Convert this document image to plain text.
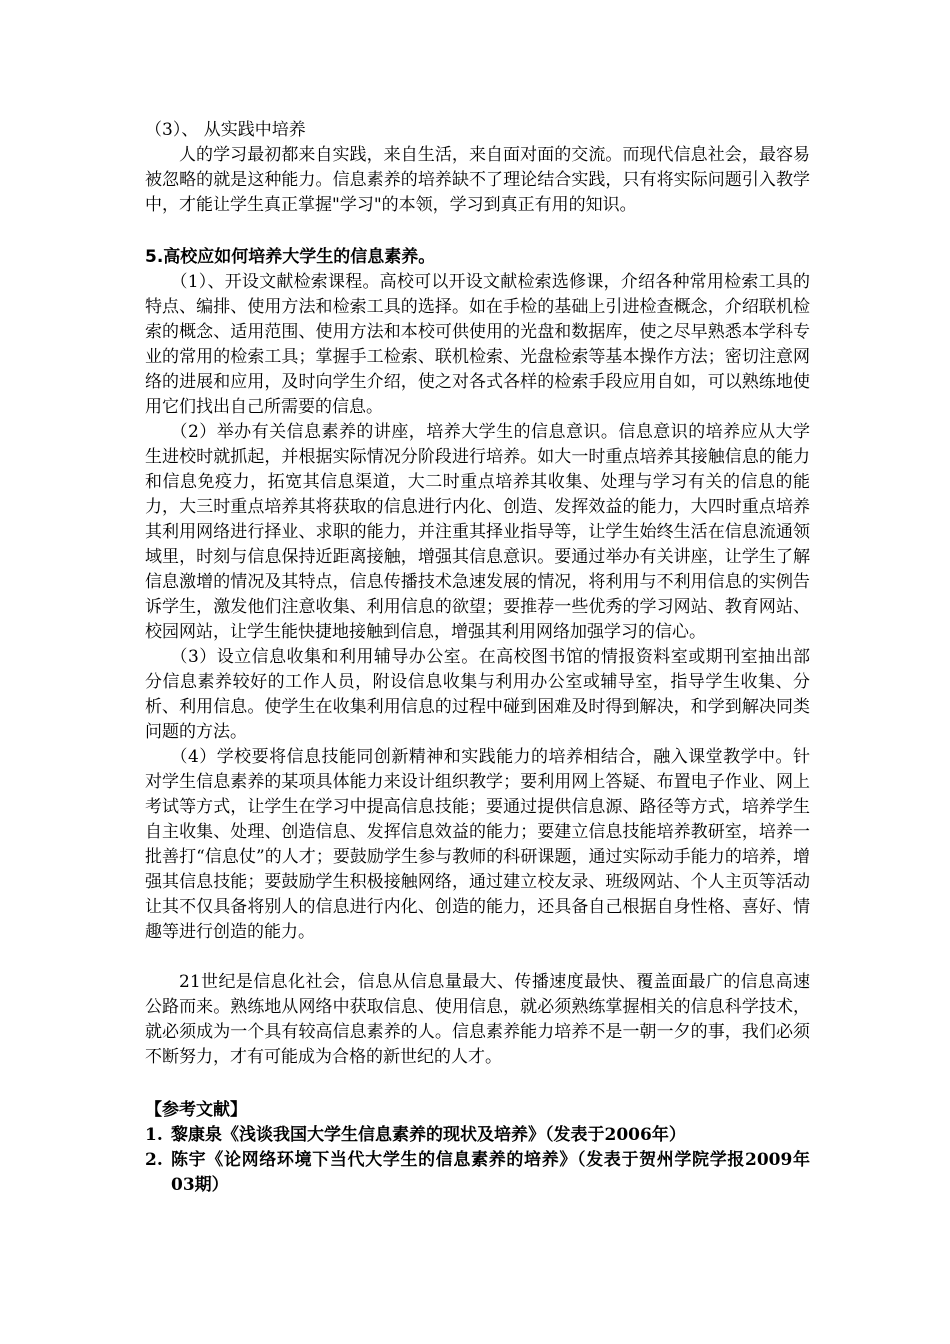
（3）、 从实践中培养

人的学习最初都来自实践，来自生活，来自面对面的交流。而现代信息社会，最容易被忽略的就是这种能力。信息素养的培养缺不了理论结合实践，只有将实际问题引入教学中，才能让学生真正掌握"学习"的本领，学习到真正有用的知识。

5.高校应如何培养大学生的信息素养。

（1）、开设文献检索课程。高校可以开设文献检索选修课，介绍各种常用检索工具的特点、编排、使用方法和检索工具的选择。如在手检的基础上引进检查概念，介绍联机检索的概念、适用范围、使用方法和本校可供使用的光盘和数据库，使之尽早熟悉本学科专业的常用的检索工具；掌握手工检索、联机检索、光盘检索等基本操作方法；密切注意网络的进展和应用，及时向学生介绍，使之对各式各样的检索手段应用自如，可以熟练地使用它们找出自己所需要的信息。

（2）举办有关信息素养的讲座，培养大学生的信息意识。信息意识的培养应从大学生进校时就抓起，并根据实际情况分阶段进行培养。如大一时重点培养其接触信息的能力和信息免疫力，拓宽其信息渠道，大二时重点培养其收集、处理与学习有关的信息的能力，大三时重点培养其将获取的信息进行内化、创造、发挥效益的能力，大四时重点培养其利用网络进行择业、求职的能力，并注重其择业指导等，让学生始终生活在信息流通领域里，时刻与信息保持近距离接触，增强其信息意识。要通过举办有关讲座，让学生了解信息激增的情况及其特点，信息传播技术急速发展的情况，将利用与不利用信息的实例告诉学生，激发他们注意收集、利用信息的欲望；要推荐一些优秀的学习网站、教育网站、校园网站，让学生能快捷地接触到信息，增强其利用网络加强学习的信心。

（3）设立信息收集和利用辅导办公室。在高校图书馆的情报资料室或期刊室抽出部分信息素养较好的工作人员，附设信息收集与利用办公室或辅导室，指导学生收集、分析、利用信息。使学生在收集利用信息的过程中碰到困难及时得到解决，和学到解决同类问题的方法。

（4）学校要将信息技能同创新精神和实践能力的培养相结合，融入课堂教学中。针对学生信息素养的某项具体能力来设计组织教学；要利用网上答疑、布置电子作业、网上考试等方式，让学生在学习中提高信息技能；要通过提供信息源、路径等方式，培养学生自主收集、处理、创造信息、发挥信息效益的能力；要建立信息技能培养教研室，培养一批善打“信息仗”的人才；要鼓励学生参与教师的科研课题，通过实际动手能力的培养，增强其信息技能；要鼓励学生积极接触网络，通过建立校友录、班级网站、个人主页等活动让其不仅具备将别人的信息进行内化、创造的能力，还具备自己根据自身性格、喜好、情趣等进行创造的能力。

21世纪是信息化社会，信息从信息量最大、传播速度最快、覆盖面最广的信息高速公路而来。熟练地从网络中获取信息、使用信息，就必须熟练掌握相关的信息科学技术，就必须成为一个具有较高信息素养的人。信息素养能力培养不是一朝一夕的事，我们必须不断努力，才有可能成为合格的新世纪的人才。

【参考文献】

1. 黎康泉《浅谈我国大学生信息素养的现状及培养》（发表于2006年）
2. 陈宇《论网络环境下当代大学生的信息素养的培养》（发表于贺州学院学报2009年03期）
